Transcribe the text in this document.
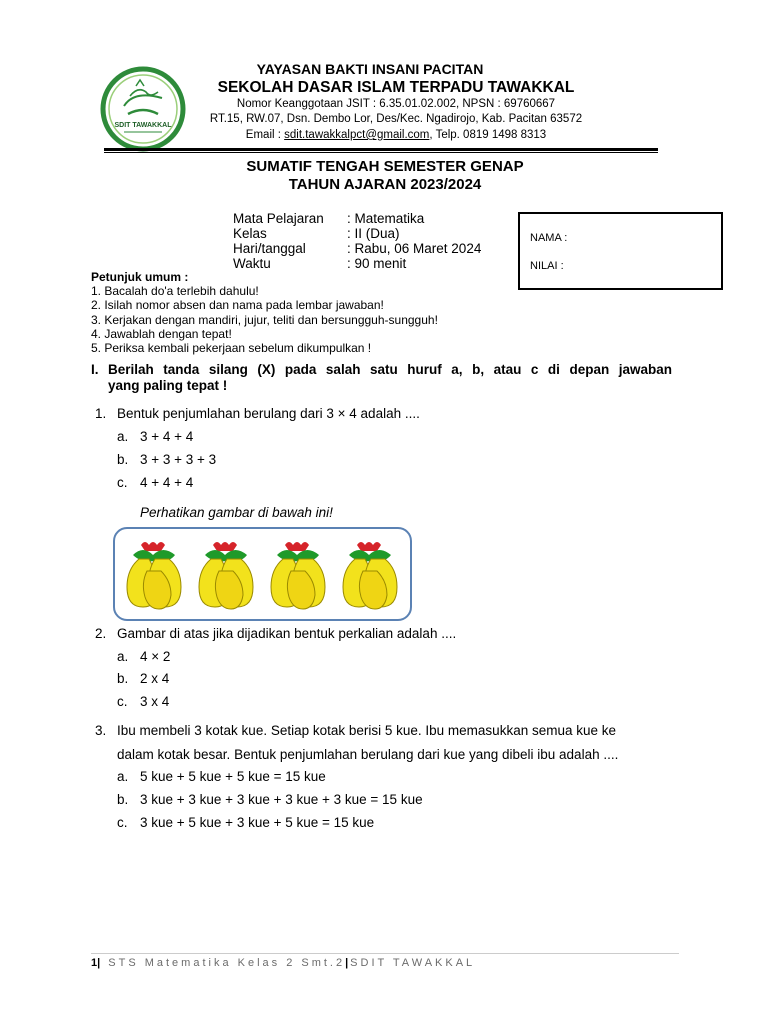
SDIT TAWAKKAL
YAYASAN BAKTI INSANI PACITAN
SEKOLAH DASAR ISLAM TERPADU TAWAKKAL
Nomor Keanggotaan JSIT : 6.35.01.02.002, NPSN : 69760667
RT.15, RW.07, Dsn. Dembo Lor, Des/Kec. Ngadirojo, Kab. Pacitan 63572
Email : sdit.tawakkalpct@gmail.com, Telp. 0819 1498 8313
SUMATIF TENGAH SEMESTER GENAP
TAHUN AJARAN 2023/2024
Mata Pelajaran	: Matematika
Kelas	: II (Dua)
Hari/tanggal	: Rabu, 06 Maret 2024
Waktu	: 90 menit
NAMA :
NILAI :
Petunjuk umum :
1. Bacalah do'a terlebih dahulu!
2. Isilah nomor absen dan nama pada lembar jawaban!
3. Kerjakan dengan mandiri, jujur, teliti dan bersungguh-sungguh!
4. Jawablah dengan tepat!
5. Periksa kembali pekerjaan sebelum dikumpulkan !
I. Berilah tanda silang (X) pada salah satu huruf a, b, atau c di depan jawaban
yang paling tepat !
1. Bentuk penjumlahan berulang dari 3 × 4 adalah ....
a. 3 + 4 + 4
b. 3 + 3 + 3 + 3
c. 4 + 4 + 4
Perhatikan gambar di bawah ini!
2. Gambar di atas jika dijadikan bentuk perkalian adalah ....
a. 4 × 2
b. 2 x 4
c. 3 x 4
3. Ibu membeli 3 kotak kue. Setiap kotak berisi 5 kue. Ibu memasukkan semua kue ke
dalam kotak besar. Bentuk penjumlahan berulang dari kue yang dibeli ibu adalah ....
a. 5 kue + 5 kue + 5 kue = 15 kue
b. 3 kue + 3 kue + 3 kue + 3 kue + 3 kue = 15 kue
c. 3 kue + 5 kue + 3 kue + 5 kue = 15 kue
1| STS Matematika Kelas 2 Smt.2|SDIT TAWAKKAL
